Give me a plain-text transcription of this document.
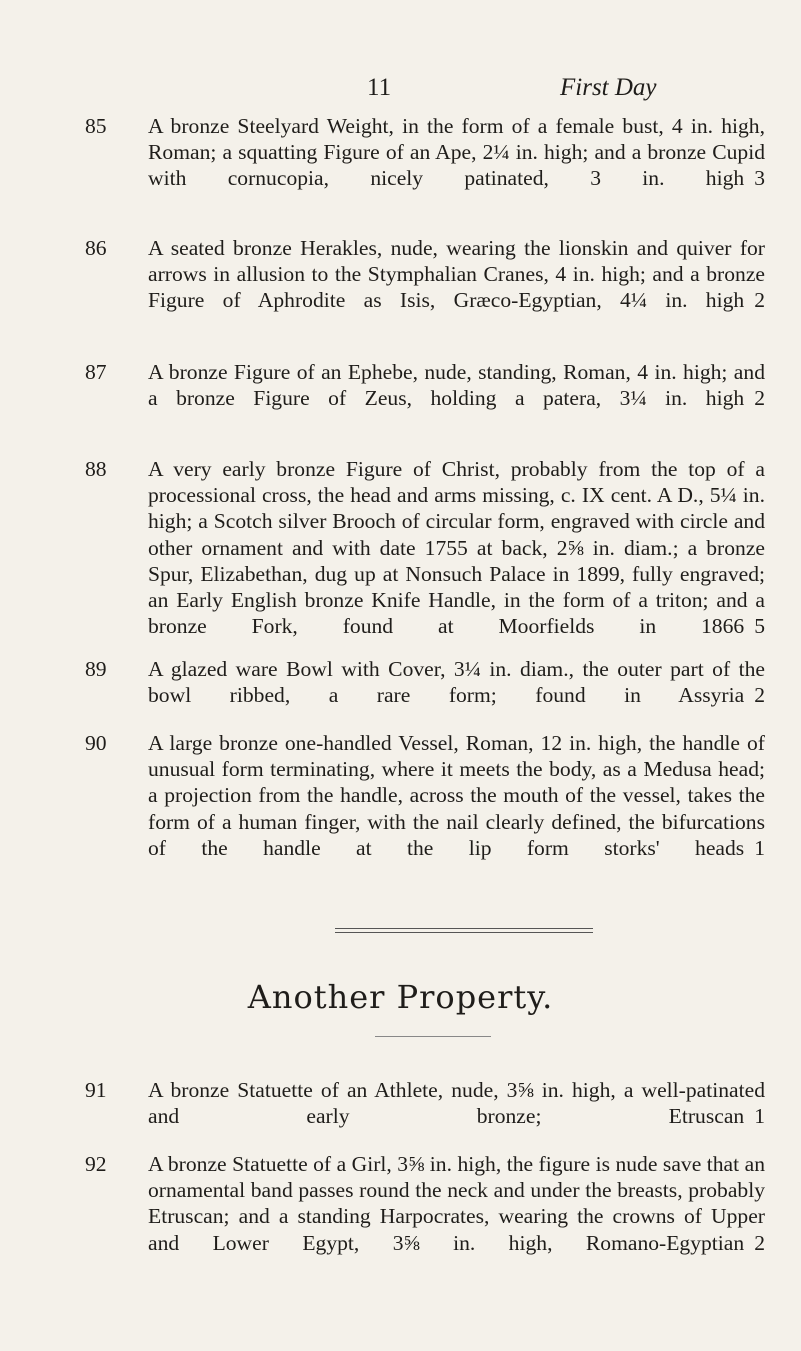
11	First Day
85	A bronze Steelyard Weight, in the form of a female bust, 4 in. high, Roman; a squatting Figure of an Ape, 2¼ in. high; and a bronze Cupid with cornucopia, nicely patinated, 3 in. high 3
86	A seated bronze Herakles, nude, wearing the lionskin and quiver for arrows in allusion to the Stymphalian Cranes, 4 in. high; and a bronze Figure of Aphrodite as Isis, Græco-Egyptian, 4¼ in. high 2
87	A bronze Figure of an Ephebe, nude, standing, Roman, 4 in. high; and a bronze Figure of Zeus, holding a patera, 3¼ in. high 2
88	A very early bronze Figure of Christ, probably from the top of a processional cross, the head and arms missing, c. IX cent. A D., 5¼ in. high; a Scotch silver Brooch of circular form, engraved with circle and other ornament and with date 1755 at back, 2⅝ in. diam.; a bronze Spur, Elizabethan, dug up at Nonsuch Palace in 1899, fully engraved; an Early English bronze Knife Handle, in the form of a triton; and a bronze Fork, found at Moorfields in 1866 5
89	A glazed ware Bowl with Cover, 3¼ in. diam., the outer part of the bowl ribbed, a rare form; found in Assyria 2
90	A large bronze one-handled Vessel, Roman, 12 in. high, the handle of unusual form terminating, where it meets the body, as a Medusa head; a projection from the handle, across the mouth of the vessel, takes the form of a human finger, with the nail clearly defined, the bifurcations of the handle at the lip form storks' heads 1
Another Property.
91	A bronze Statuette of an Athlete, nude, 3⅝ in. high, a well-patinated and early bronze; Etruscan 1
92	A bronze Statuette of a Girl, 3⅝ in. high, the figure is nude save that an ornamental band passes round the neck and under the breasts, probably Etruscan; and a standing Harpocrates, wearing the crowns of Upper and Lower Egypt, 3⅝ in. high, Romano-Egyptian 2
